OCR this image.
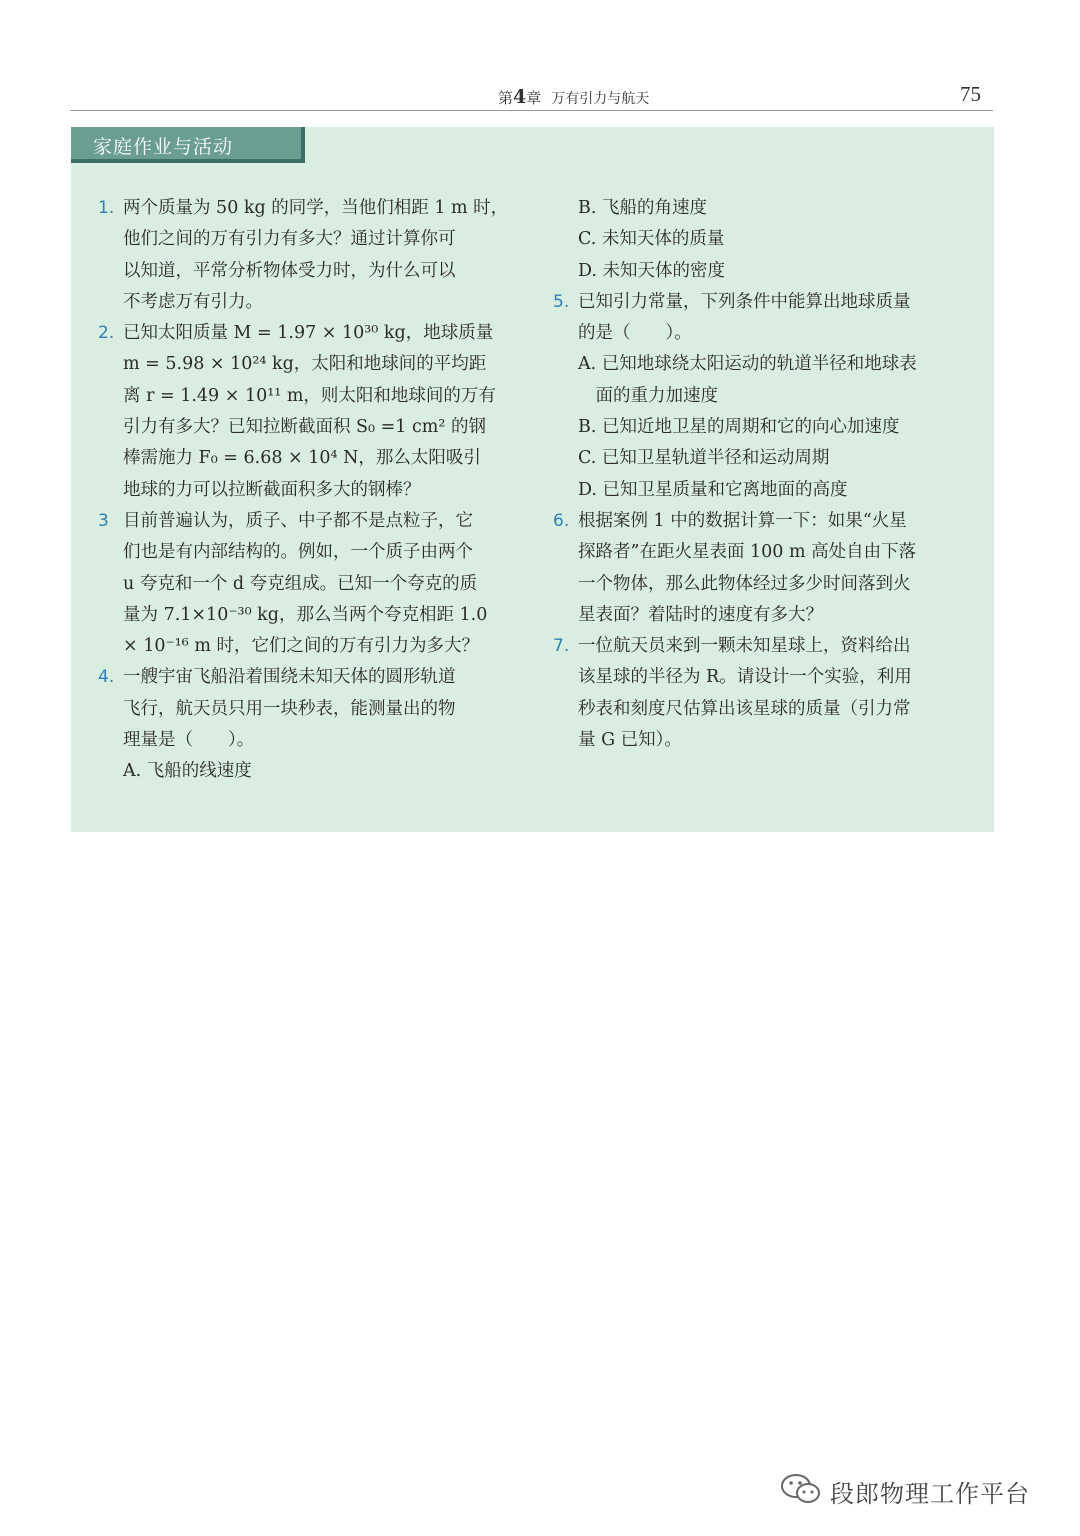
第4章 万有引力与航天	75
家庭作业与活动
1. 两个质量为 50 kg 的同学，当他们相距 1 m 时，
他们之间的万有引力有多大？通过计算你可
以知道，平常分析物体受力时，为什么可以
不考虑万有引力。
2. 已知太阳质量 M = 1.97 × 10³⁰ kg，地球质量
m = 5.98 × 10²⁴ kg，太阳和地球间的平均距
离 r = 1.49 × 10¹¹ m，则太阳和地球间的万有
引力有多大？已知拉断截面积 S₀ =1 cm² 的钢
棒需施力 F₀ = 6.68 × 10⁴ N，那么太阳吸引
地球的力可以拉断截面积多大的钢棒？
3 目前普遍认为，质子、中子都不是点粒子，它
们也是有内部结构的。例如，一个质子由两个
u 夸克和一个 d 夸克组成。已知一个夸克的质
量为 7.1×10⁻³⁰ kg，那么当两个夸克相距 1.0
× 10⁻¹⁶ m 时，它们之间的万有引力为多大？
4. 一艘宇宙飞船沿着围绕未知天体的圆形轨道
飞行，航天员只用一块秒表，能测量出的物
理量是（　　）。
A. 飞船的线速度
B. 飞船的角速度
C. 未知天体的质量
D. 未知天体的密度
5. 已知引力常量，下列条件中能算出地球质量
的是（　　）。
A. 已知地球绕太阳运动的轨道半径和地球表
　面的重力加速度
B. 已知近地卫星的周期和它的向心加速度
C. 已知卫星轨道半径和运动周期
D. 已知卫星质量和它离地面的高度
6. 根据案例 1 中的数据计算一下：如果“火星
探路者”在距火星表面 100 m 高处自由下落
一个物体，那么此物体经过多少时间落到火
星表面？着陆时的速度有多大？
7. 一位航天员来到一颗未知星球上，资料给出
该星球的半径为 R。请设计一个实验，利用
秒表和刻度尺估算出该星球的质量（引力常
量 G 已知）。
段郎物理工作平台
